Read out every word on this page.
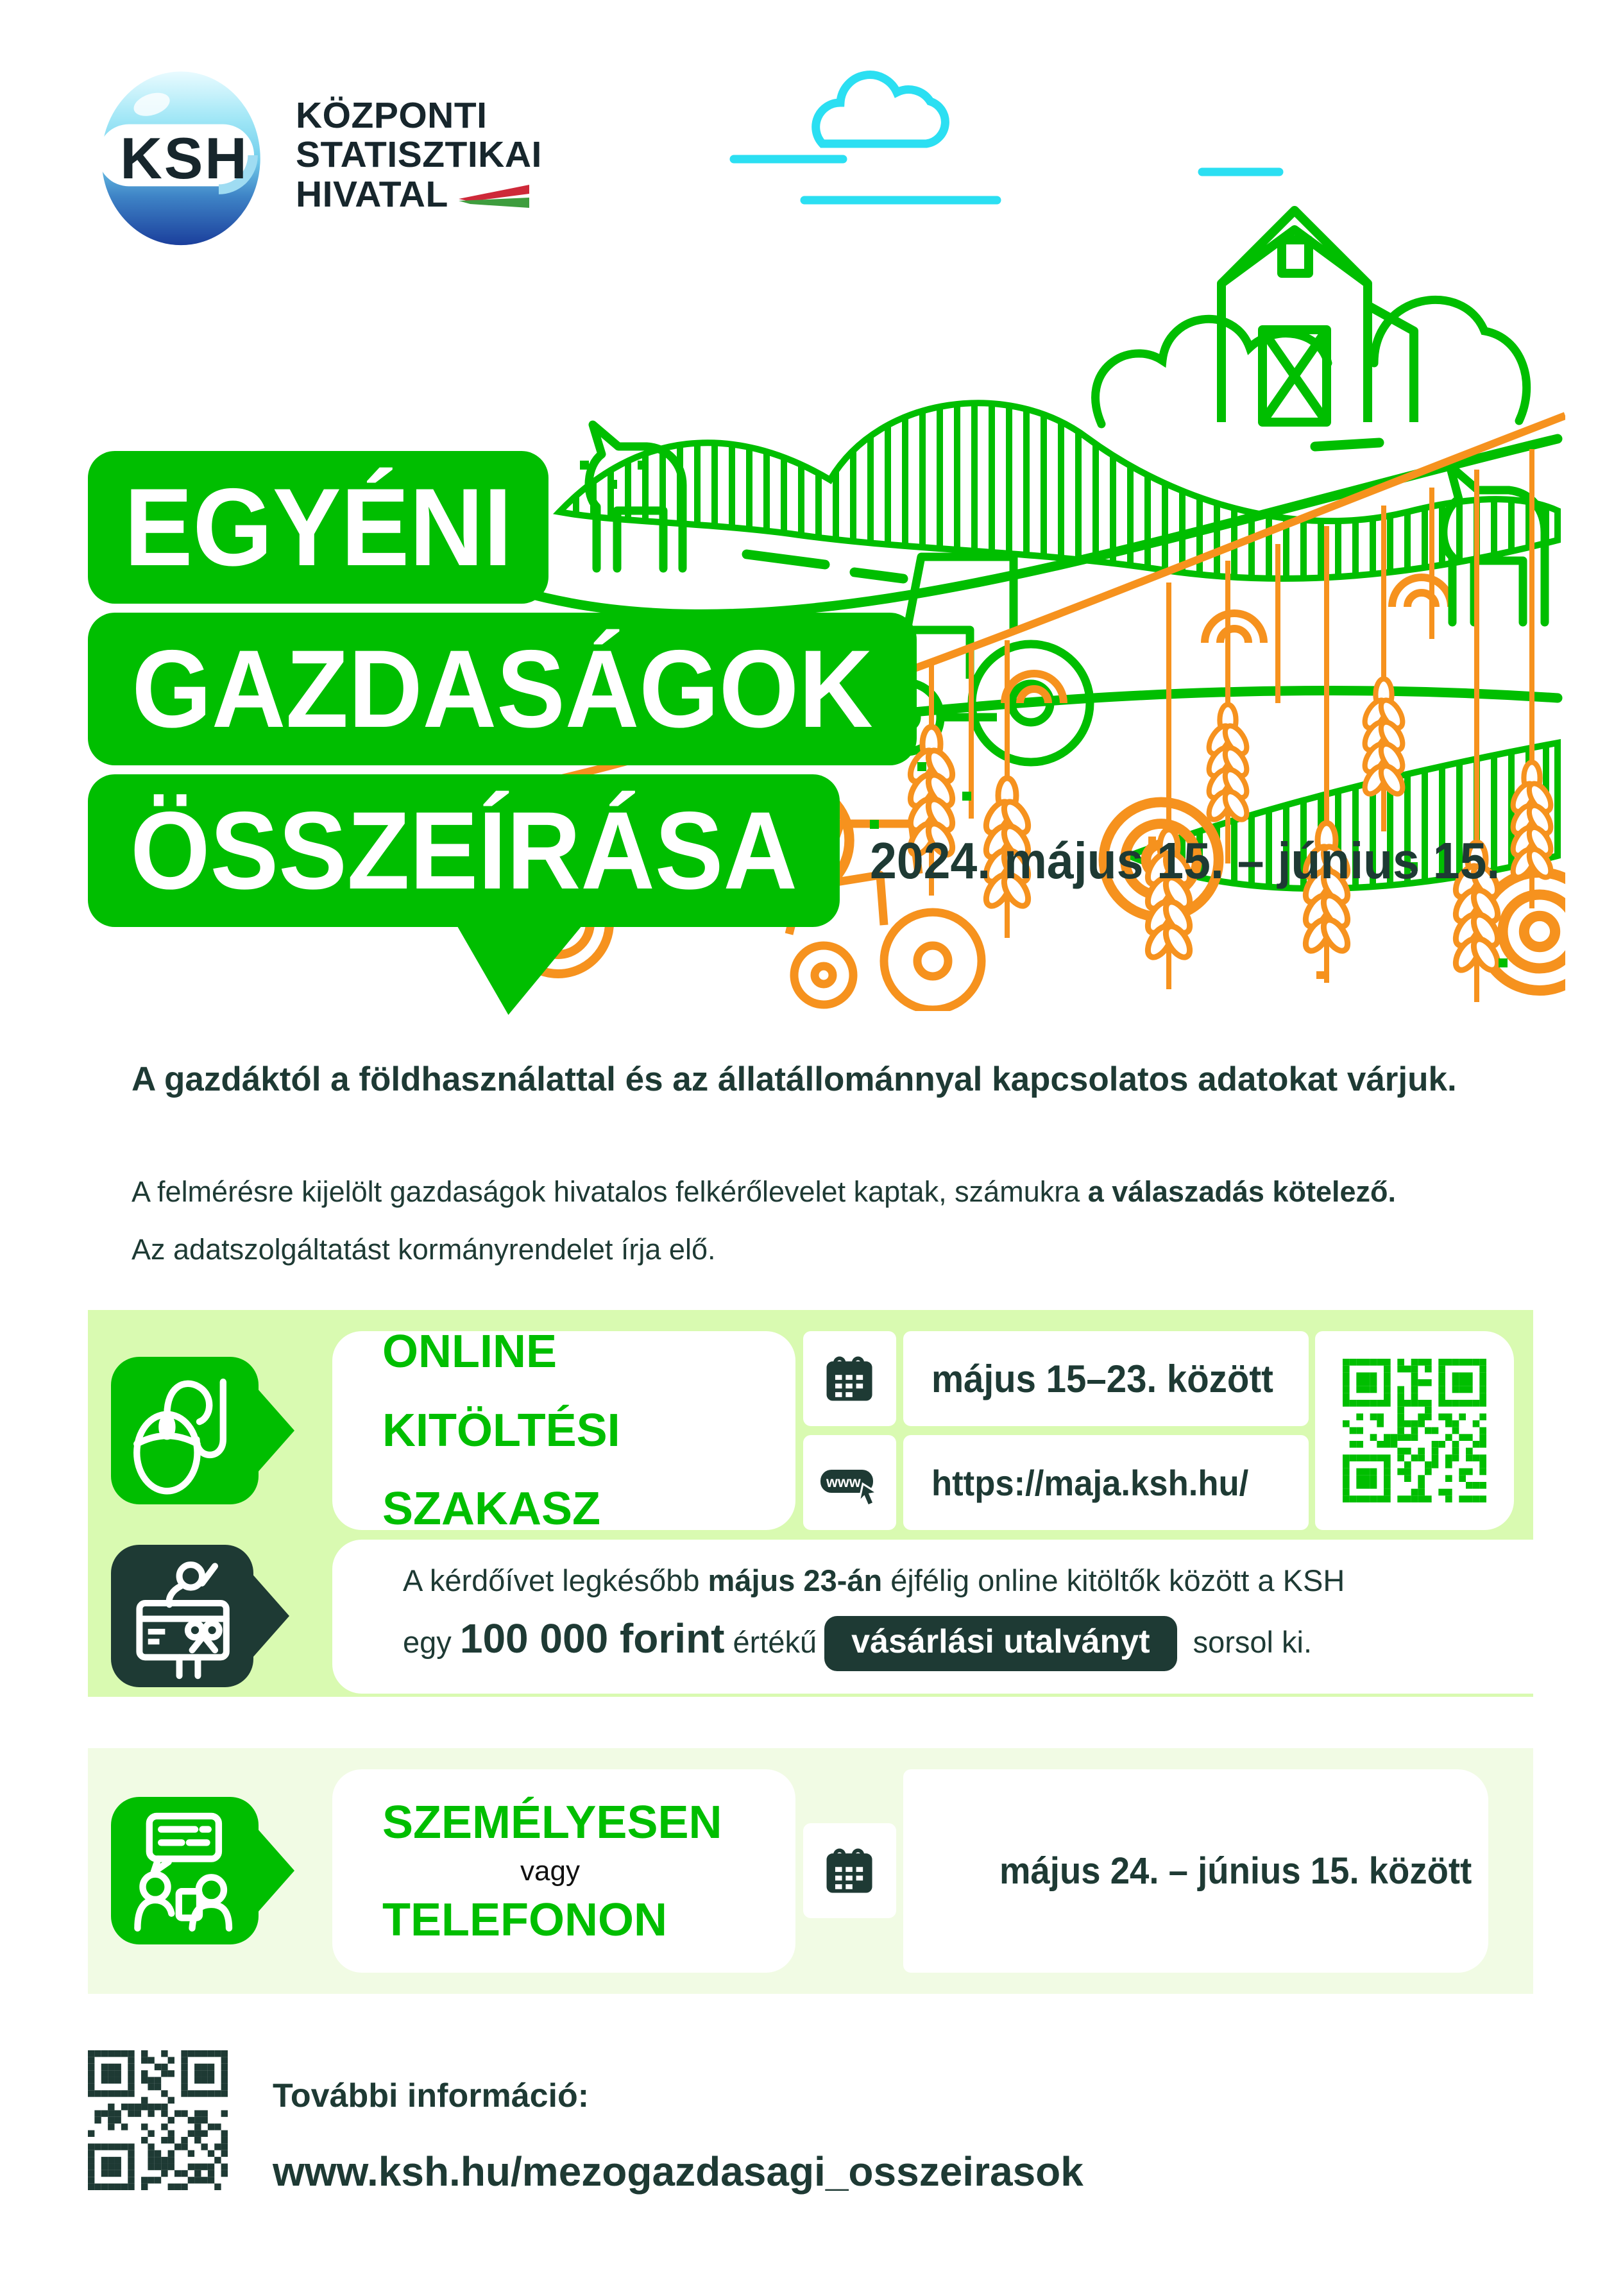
KSH
KÖZPONTI
STATISZTIKAI
HIVATAL
EGYÉNI
GAZDASÁGOK
ÖSSZEÍRÁSA 2024. május 15. – június 15.
A gazdáktól a földhasználattal és az állatállománnyal kapcsolatos adatokat várjuk.
A felmérésre kijelölt gazdaságok hivatalos felkérőlevelet kaptak, számukra a válaszadás kötelező.
Az adatszolgáltatást kormányrendelet írja elő.
ONLINE KITÖLTÉSI
SZAKASZ
május 15–23. között
www https://maja.ksh.hu/
A kérdőívet legkésőbb május 23-án éjfélig online kitöltők között a KSH
egy 100 000 forint értékű vásárlási utalványt sorsol ki.
SZEMÉLYESEN
vagy
TELEFONON
május 24. – június 15. között
További információ:
www.ksh.hu/mezogazdasagi_osszeirasok
